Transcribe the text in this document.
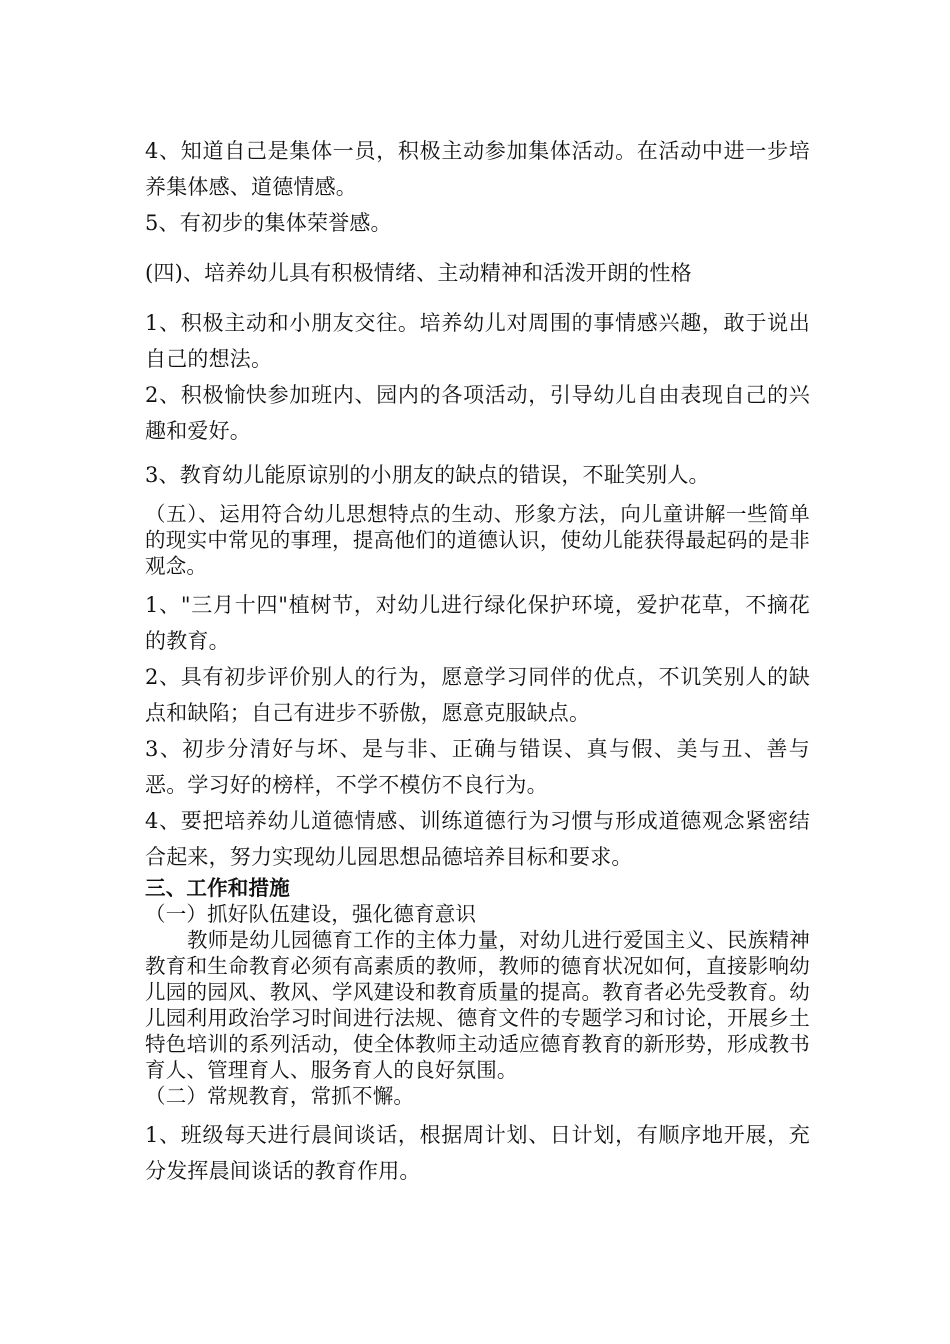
4、知道自己是集体一员，积极主动参加集体活动。在活动中进一步培养集体感、道德情感。

5、有初步的集体荣誉感。

(四)、培养幼儿具有积极情绪、主动精神和活泼开朗的性格

1、积极主动和小朋友交往。培养幼儿对周围的事情感兴趣，敢于说出自己的想法。

2、积极愉快参加班内、园内的各项活动，引导幼儿自由表现自己的兴趣和爱好。

3、教育幼儿能原谅别的小朋友的缺点的错误，不耻笑别人。

（五）、运用符合幼儿思想特点的生动、形象方法，向儿童讲解一些简单的现实中常见的事理，提高他们的道德认识，使幼儿能获得最起码的是非观念。

1、"三月十四"植树节，对幼儿进行绿化保护环境，爱护花草，不摘花的教育。

2、具有初步评价别人的行为，愿意学习同伴的优点，不讥笑别人的缺点和缺陷；自己有进步不骄傲，愿意克服缺点。

3、初步分清好与坏、是与非、正确与错误、真与假、美与丑、善与恶。学习好的榜样，不学不模仿不良行为。

4、要把培养幼儿道德情感、训练道德行为习惯与形成道德观念紧密结合起来，努力实现幼儿园思想品德培养目标和要求。

三、工作和措施

（一）抓好队伍建设，强化德育意识

教师是幼儿园德育工作的主体力量，对幼儿进行爱国主义、民族精神教育和生命教育必须有高素质的教师，教师的德育状况如何，直接影响幼儿园的园风、教风、学风建设和教育质量的提高。教育者必先受教育。幼儿园利用政治学习时间进行法规、德育文件的专题学习和讨论，开展乡土特色培训的系列活动，使全体教师主动适应德育教育的新形势，形成教书育人、管理育人、服务育人的良好氛围。

（二）常规教育，常抓不懈。

1、班级每天进行晨间谈话，根据周计划、日计划，有顺序地开展，充分发挥晨间谈话的教育作用。
